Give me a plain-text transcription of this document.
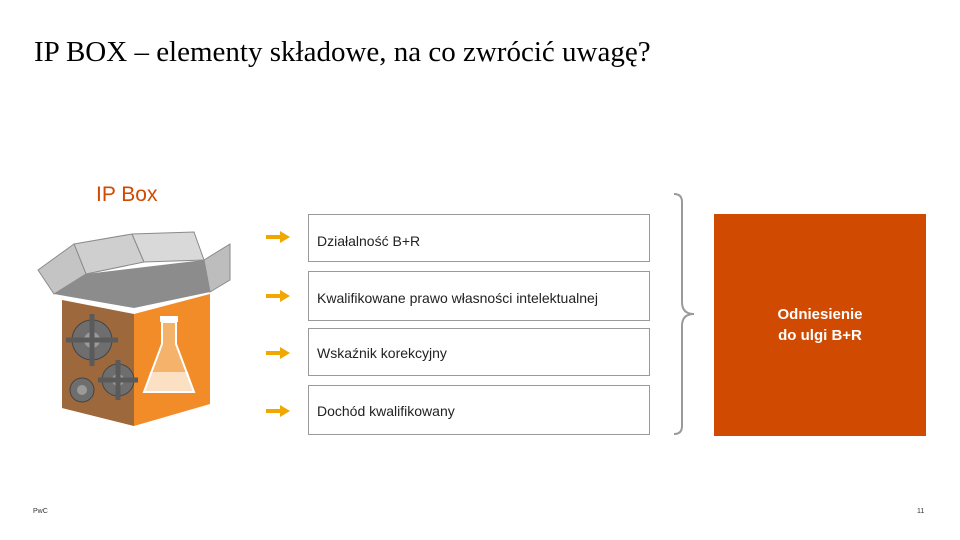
IP BOX – elementy składowe, na co zwrócić uwagę?
IP Box
Działalność B+R
Kwalifikowane prawo własności intelektualnej
Wskaźnik korekcyjny
Dochód kwalifikowany
Odniesienie
do ulgi B+R
PwC	11
